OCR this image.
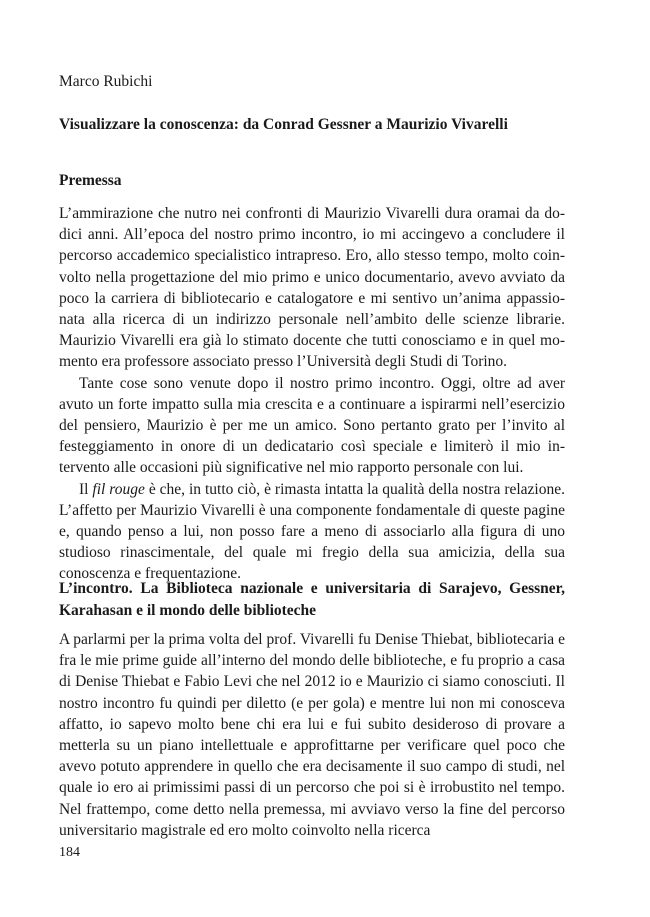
Marco Rubichi
Visualizzare la conoscenza: da Conrad Gessner a Maurizio Vivarelli
Premessa

L’ammirazione che nutro nei confronti di Maurizio Vivarelli dura oramai da dodici anni. All’epoca del nostro primo incontro, io mi accingevo a concludere il percorso accademico specialistico intrapreso. Ero, allo stesso tempo, molto coinvolto nella progettazione del mio primo e unico documentario, avevo avviato da poco la carriera di bibliotecario e catalogatore e mi sentivo un’anima appassionata alla ricerca di un indirizzo personale nell’ambito delle scienze librarie. Maurizio Vivarelli era già lo stimato docente che tutti conosciamo e in quel momento era professore associato presso l’Università degli Studi di Torino.

Tante cose sono venute dopo il nostro primo incontro. Oggi, oltre ad aver avuto un forte impatto sulla mia crescita e a continuare a ispirarmi nell’esercizio del pensiero, Maurizio è per me un amico. Sono pertanto grato per l’invito al festeggiamento in onore di un dedicatario così speciale e limiterò il mio intervento alle occasioni più significative nel mio rapporto personale con lui.

Il fil rouge è che, in tutto ciò, è rimasta intatta la qualità della nostra relazione. L’affetto per Maurizio Vivarelli è una componente fondamentale di queste pagine e, quando penso a lui, non posso fare a meno di associarlo alla figura di uno studioso rinascimentale, del quale mi fregio della sua amicizia, della sua conoscenza e frequentazione.

L’incontro. La Biblioteca nazionale e universitaria di Sarajevo, Gessner, Karahasan e il mondo delle biblioteche

A parlarmi per la prima volta del prof. Vivarelli fu Denise Thiebat, bibliotecaria e fra le mie prime guide all’interno del mondo delle biblioteche, e fu proprio a casa di Denise Thiebat e Fabio Levi che nel 2012 io e Maurizio ci siamo conosciuti. Il nostro incontro fu quindi per diletto (e per gola) e mentre lui non mi conosceva affatto, io sapevo molto bene chi era lui e fui subito desideroso di provare a metterla su un piano intellettuale e approfittarne per verificare quel poco che avevo potuto apprendere in quello che era decisamente il suo campo di studi, nel quale io ero ai primissimi passi di un percorso che poi si è irrobustito nel tempo. Nel frattempo, come detto nella premessa, mi avviavo verso la fine del percorso universitario magistrale ed ero molto coinvolto nella ricerca

184
